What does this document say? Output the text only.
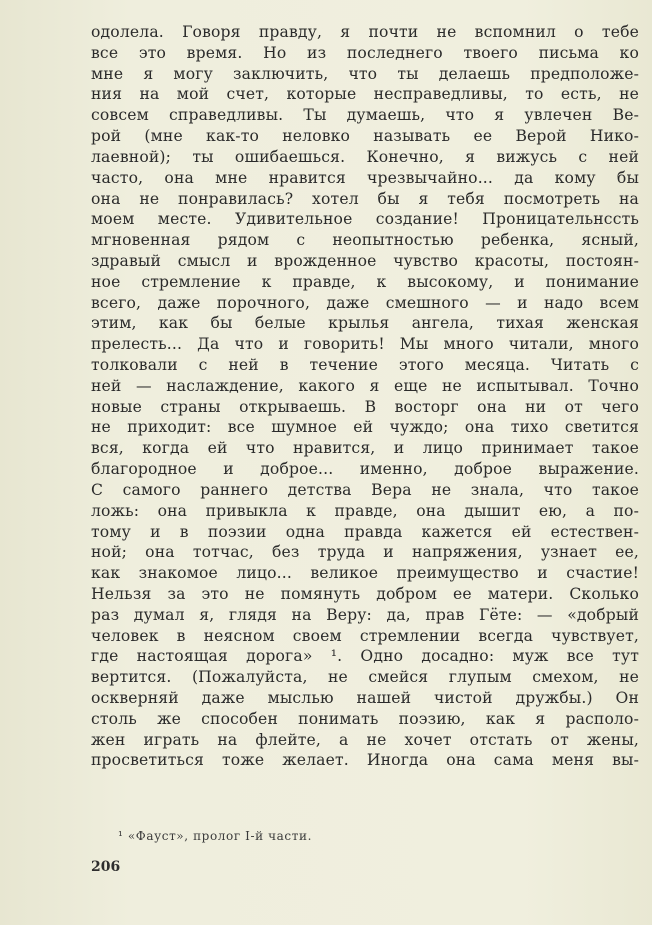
одолела. Говоря правду, я почти не вспомнил о тебе
все это время. Но из последнего твоего письма ко
мне я могу заключить, что ты делаешь предположе-
ния на мой счет, которые несправедливы, то есть, не
совсем справедливы. Ты думаешь, что я увлечен Ве-
рой (мне как-то неловко называть ее Верой Нико-
лаевной); ты ошибаешься. Конечно, я вижусь с ней
часто, она мне нравится чрезвычайно... да кому бы
она не понравилась? хотел бы я тебя посмотреть на
моем месте. Удивительное создание! Проницательнсcть
мгновенная рядом с неопытностью ребенка, ясный,
здравый смысл и врожденное чувство красоты, постоян-
ное стремление к правде, к высокому, и понимание
всего, даже порочного, даже смешного — и надо всем
этим, как бы белые крылья ангела, тихая женская
прелесть... Да что и говорить! Мы много читали, много
толковали с ней в течение этого месяца. Читать с
ней — наслаждение, какого я еще не испытывал. Точно
новые страны открываешь. В восторг она ни от чего
не приходит: все шумное ей чуждо; она тихо светится
вся, когда ей что нравится, и лицо принимает такое
благородное и доброе... именно, доброе выражение.
С самого раннего детства Вера не знала, что такое
ложь: она привыкла к правде, она дышит ею, а по-
тому и в поэзии одна правда кажется ей естествен-
ной; она тотчас, без труда и напряжения, узнает ее,
как знакомое лицо... великое преимущество и счастие!
Нельзя за это не помянуть добром ее матери. Сколько
раз думал я, глядя на Веру: да, прав Гёте: — «добрый
человек в неясном своем стремлении всегда чувствует,
где настоящая дорога» ¹. Одно досадно: муж все тут
вертится. (Пожалуйста, не смейся глупым смехом, не
оскверняй даже мыслью нашей чистой дружбы.) Он
столь же способен понимать поэзию, как я располо-
жен играть на флейте, а не хочет отстать от жены,
просветиться тоже желает. Иногда она сама меня вы-
¹ «Фауст», пролог I-й части.
206
